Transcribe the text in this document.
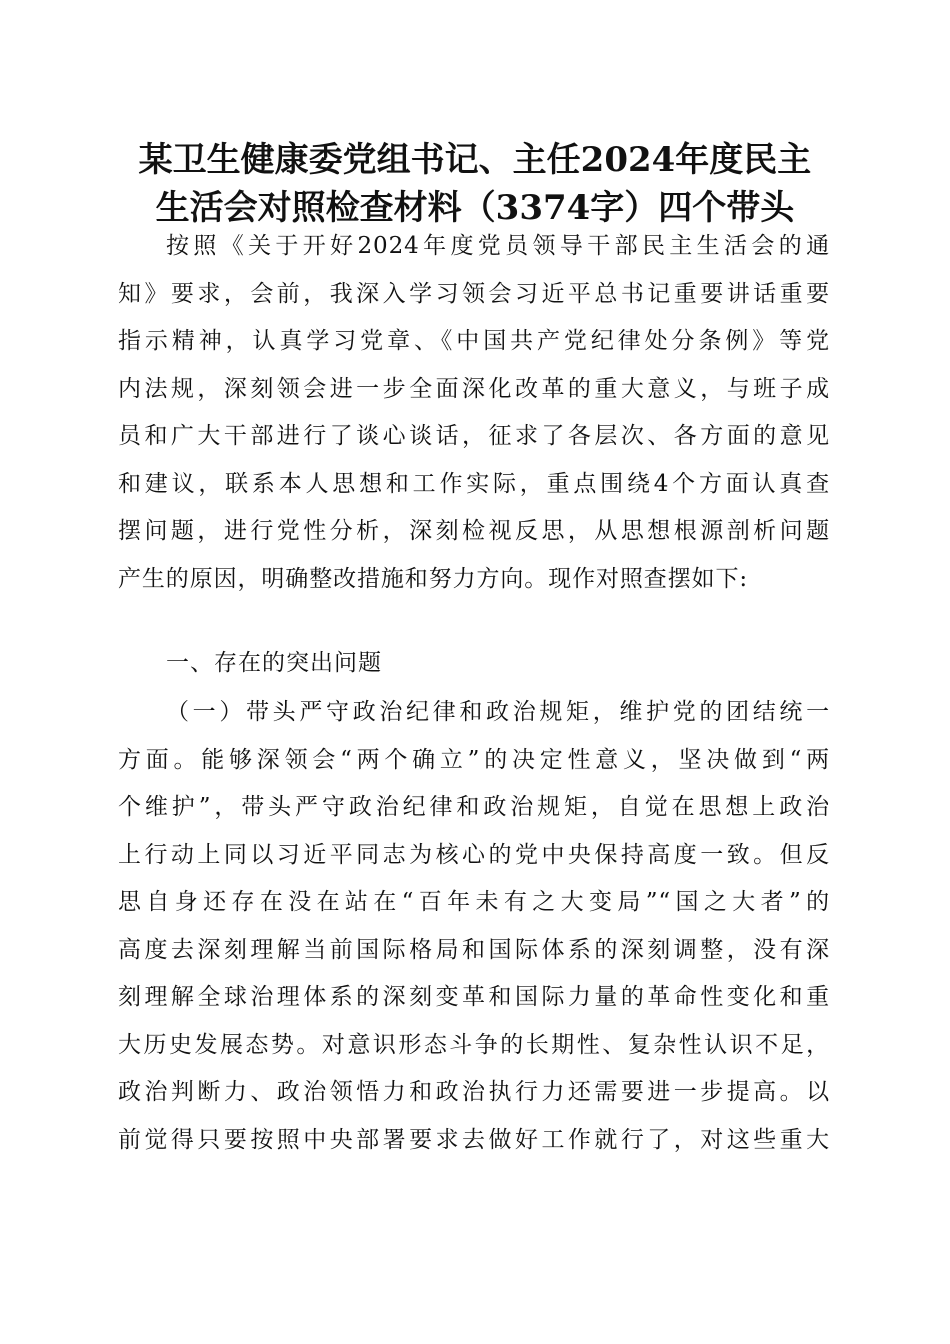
某卫生健康委党组书记、主任2024年度民主
生活会对照检查材料（3374字）四个带头
按照《关于开好2024年度党员领导干部民主生活会的通
知》要求，会前，我深入学习领会习近平总书记重要讲话重要
指示精神，认真学习党章、《中国共产党纪律处分条例》等党
内法规，深刻领会进一步全面深化改革的重大意义，与班子成
员和广大干部进行了谈心谈话，征求了各层次、各方面的意见
和建议，联系本人思想和工作实际，重点围绕4个方面认真查
摆问题，进行党性分析，深刻检视反思，从思想根源剖析问题
产生的原因，明确整改措施和努力方向。现作对照查摆如下:
一、存在的突出问题
（一）带头严守政治纪律和政治规矩，维护党的团结统一
方面。能够深领会“两个确立”的决定性意义，坚决做到“两
个维护”，带头严守政治纪律和政治规矩，自觉在思想上政治
上行动上同以习近平同志为核心的党中央保持高度一致。但反
思自身还存在没在站在“百年未有之大变局”“国之大者”的
高度去深刻理解当前国际格局和国际体系的深刻调整，没有深
刻理解全球治理体系的深刻变革和国际力量的革命性变化和重
大历史发展态势。对意识形态斗争的长期性、复杂性认识不足，
政治判断力、政治领悟力和政治执行力还需要进一步提高。以
前觉得只要按照中央部署要求去做好工作就行了，对这些重大
